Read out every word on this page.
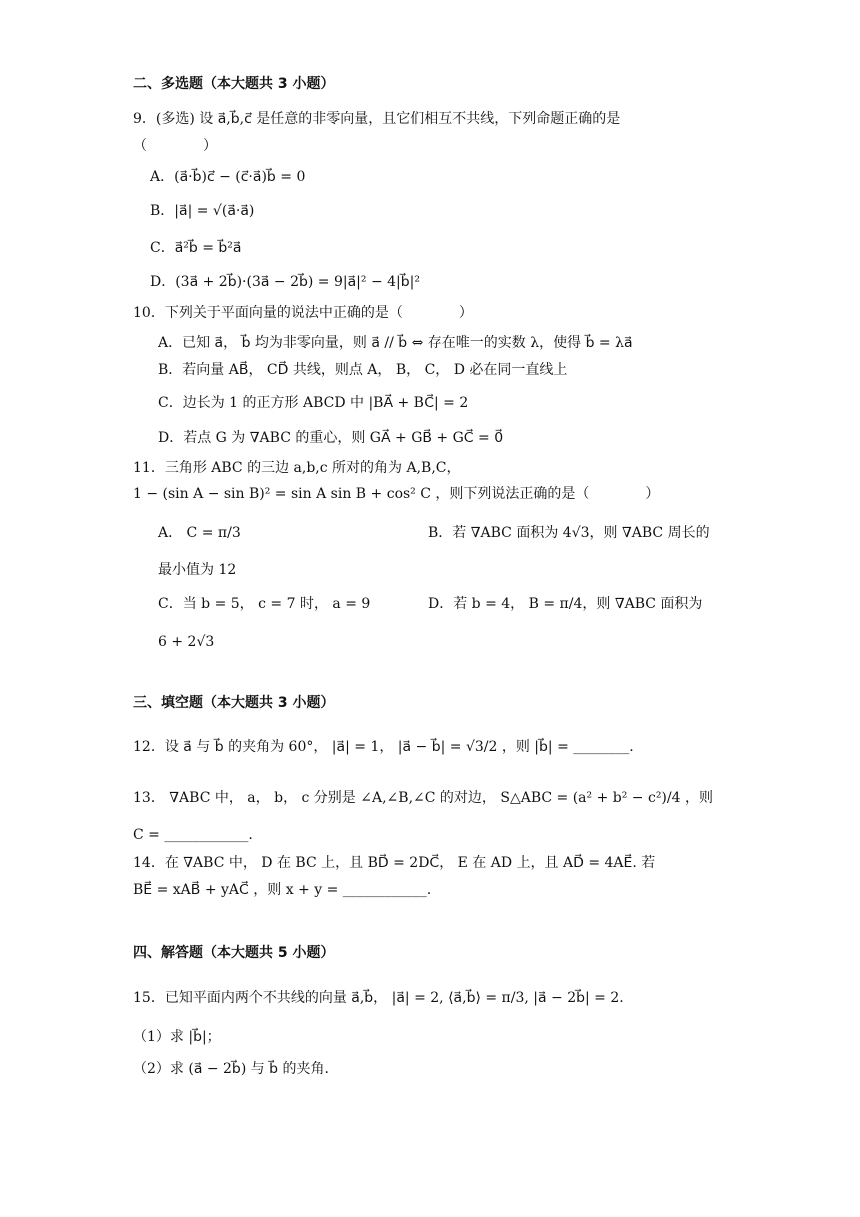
二、多选题（本大题共 3 小题）
9．(多选) 设 a⃗,b⃗,c⃗ 是任意的非零向量，且它们相互不共线，下列命题正确的是
（　　　　）
A．(a⃗·b⃗)c⃗ − (c⃗·a⃗)b⃗ = 0
B．|a⃗| = √(a⃗·a⃗)
C．a⃗²b⃗ = b⃗²a⃗
D．(3a⃗ + 2b⃗)·(3a⃗ − 2b⃗) = 9|a⃗|² − 4|b⃗|²
10．下列关于平面向量的说法中正确的是（　　　　）
A．已知 a⃗， b⃗ 均为非零向量，则 a⃗ // b⃗ ⇔ 存在唯一的实数 λ，使得 b⃗ = λa⃗
B．若向量 AB⃗， CD⃗ 共线，则点 A， B， C， D 必在同一直线上
C．边长为 1 的正方形 ABCD 中 |BA⃗ + BC⃗| = 2
D．若点 G 为 ∇ABC 的重心，则 GA⃗ + GB⃗ + GC⃗ = 0⃗
11．三角形 ABC 的三边 a,b,c 所对的角为 A,B,C，
1 − (sin A − sin B)² = sin A sin B + cos² C ，则下列说法正确的是（　　　　）
A． C = π/3	B．若 ∇ABC 面积为 4√3，则 ∇ABC 周长的
最小值为 12
C．当 b = 5， c = 7 时， a = 9	D．若 b = 4， B = π/4，则 ∇ABC 面积为
6 + 2√3
三、填空题（本大题共 3 小题）
12．设 a⃗ 与 b⃗ 的夹角为 60°， |a⃗| = 1， |a⃗ − b⃗| = √3/2 ，则 |b⃗| = ________.
13． ∇ABC 中， a， b， c 分别是 ∠A,∠B,∠C 的对边， S△ABC = (a² + b² − c²)/4 ，则
C = ____________.
14．在 ∇ABC 中， D 在 BC 上，且 BD⃗ = 2DC⃗， E 在 AD 上，且 AD⃗ = 4AE⃗. 若
BE⃗ = xAB⃗ + yAC⃗ ，则 x + y = ____________.
四、解答题（本大题共 5 小题）
15．已知平面内两个不共线的向量 a⃗,b⃗， |a⃗| = 2, ⟨a⃗,b⃗⟩ = π/3, |a⃗ − 2b⃗| = 2.
（1）求 |b⃗|；
（2）求 (a⃗ − 2b⃗) 与 b⃗ 的夹角.
